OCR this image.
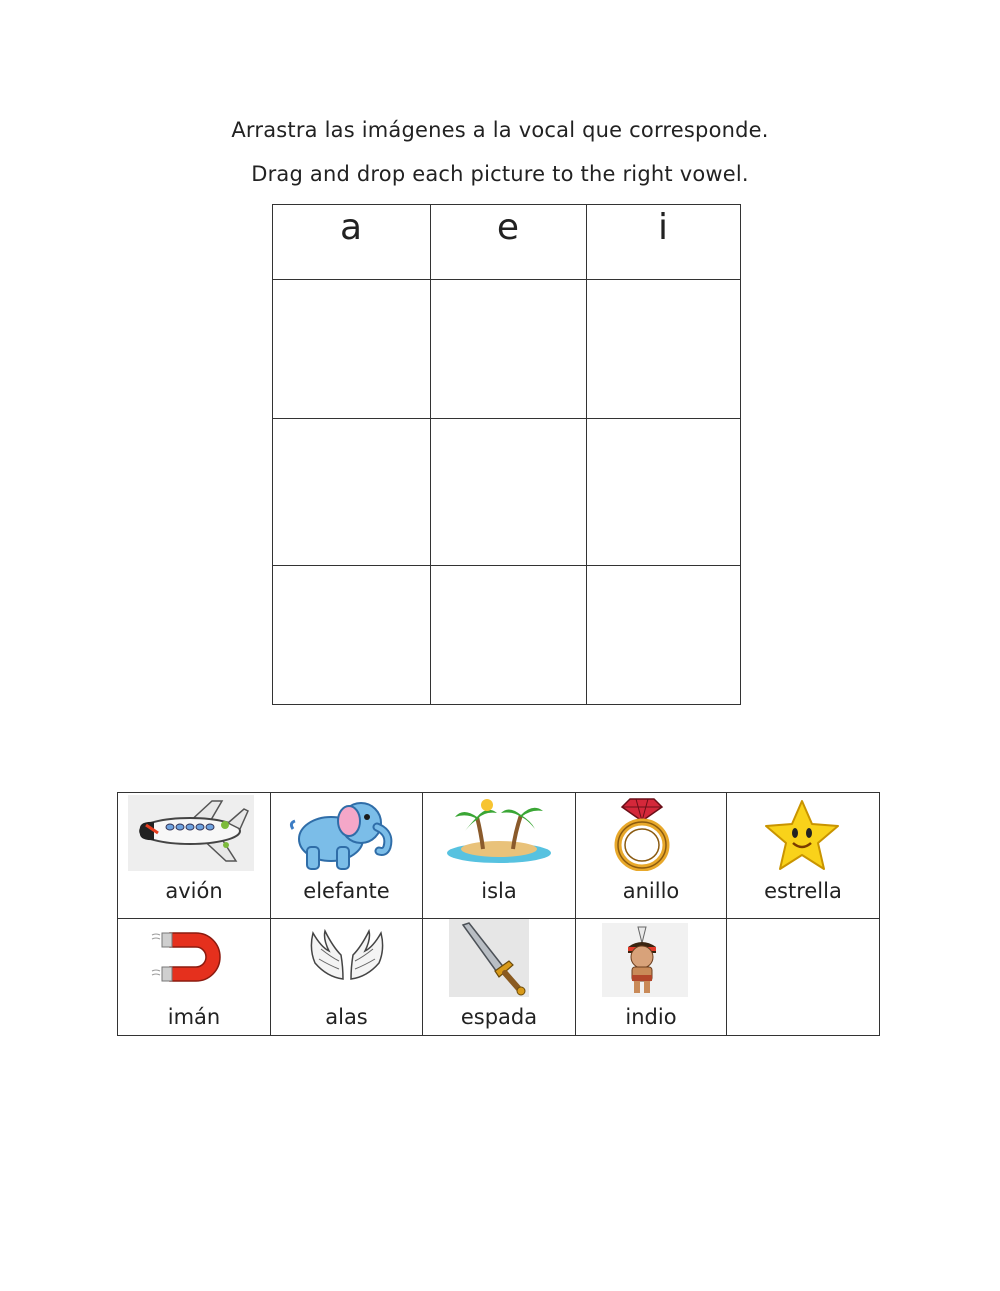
Arrastra las imágenes a la vocal que corresponde.
Drag and drop each picture to the right vowel.
a	e	i
avión	elefante	isla	anillo	estrella
imán	alas	espada	indio
